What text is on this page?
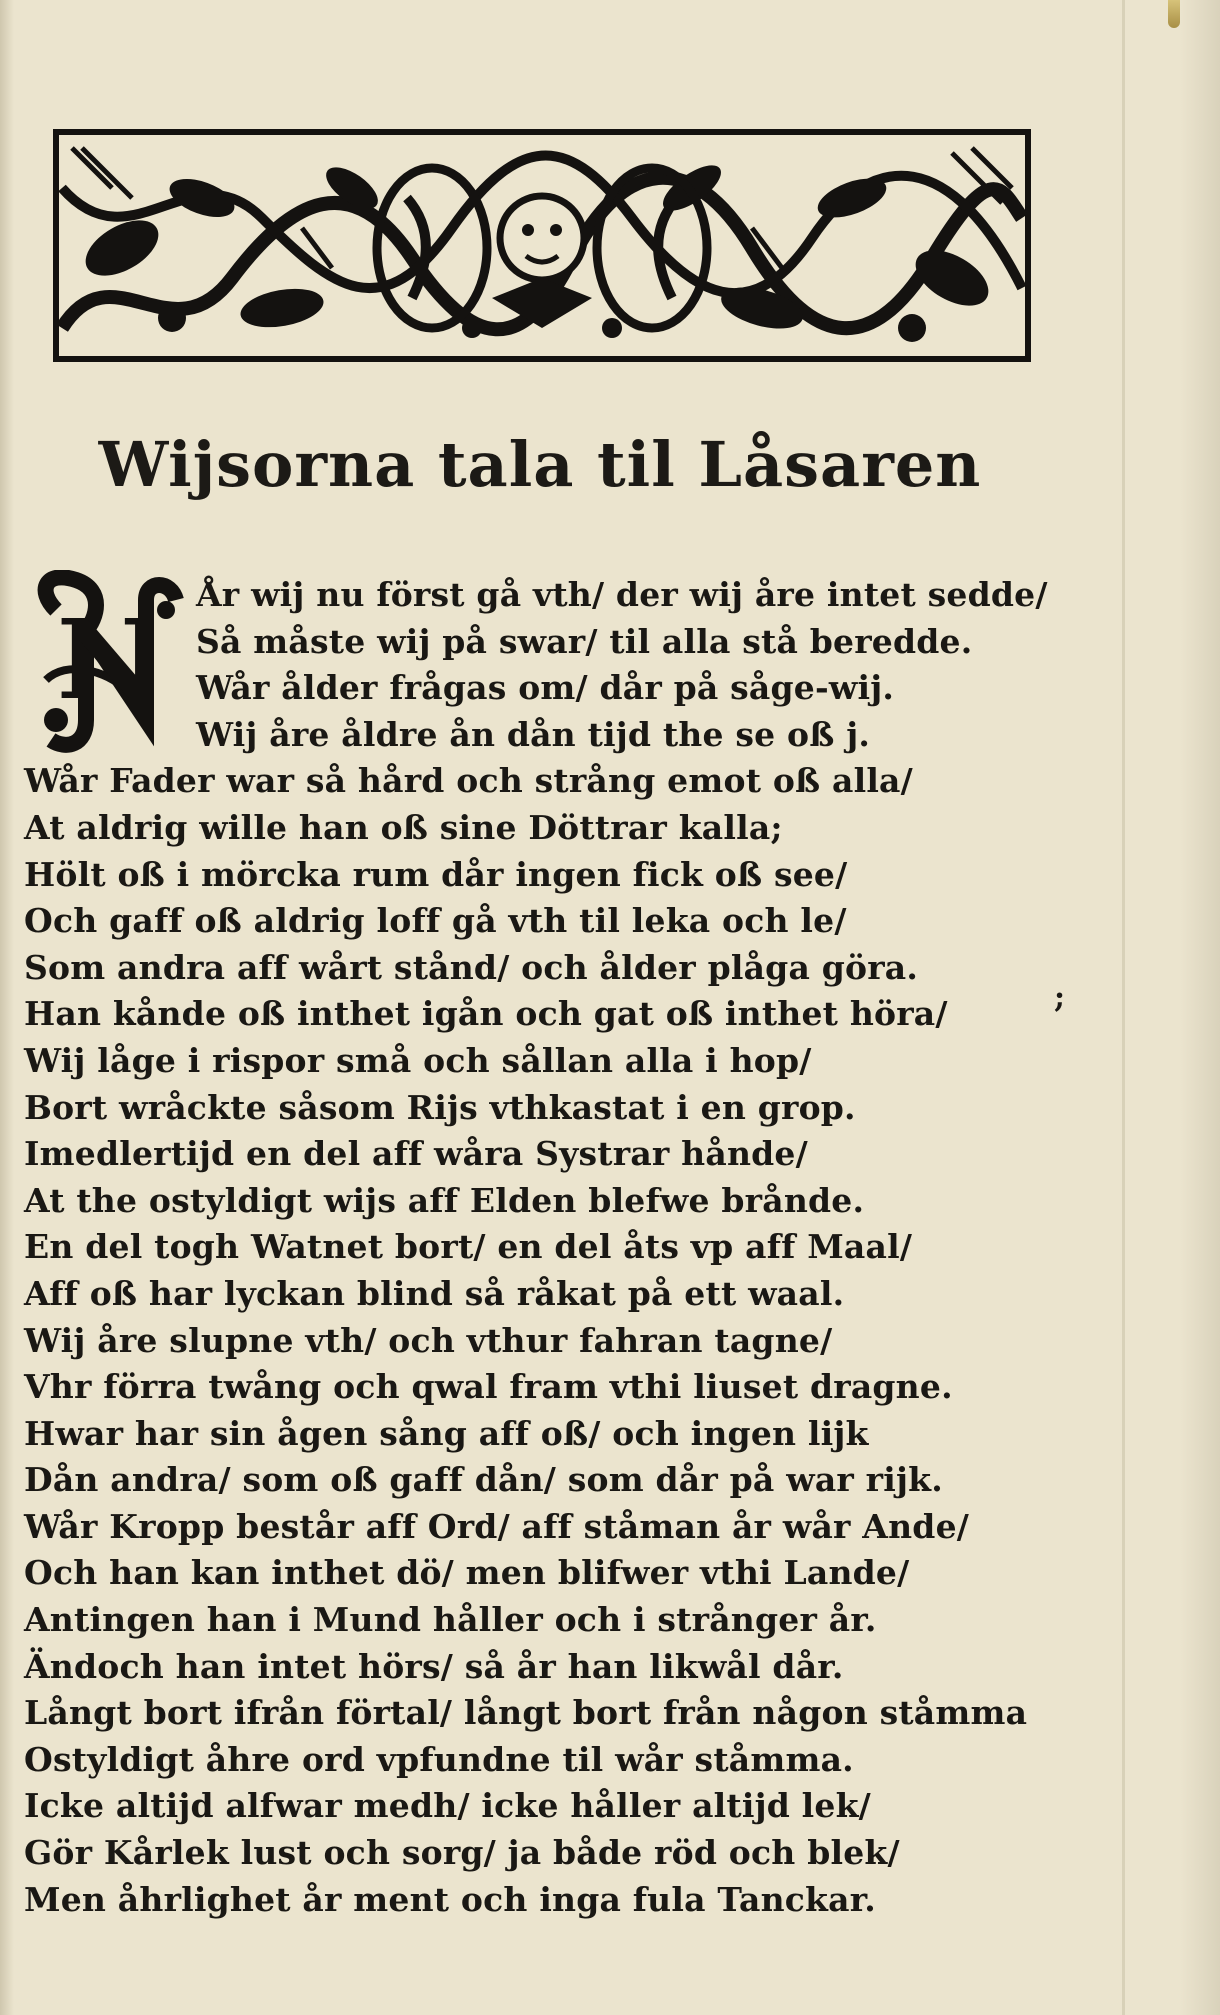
Wijsorna tala til Låsaren
N
År wij nu först gå vth/ der wij åre intet sedde/
Så måste wij på swar/ til alla stå beredde.
Wår ålder frågas om/ dår på såge-wij.
Wij åre åldre ån dån tijd the se oß j.
Wår Fader war så hård och strång emot oß alla/
At aldrig wille han oß sine Döttrar kalla;
Hölt oß i mörcka rum dår ingen fick oß see/
Och gaff oß aldrig loff gå vth til leka och le/
Som andra aff wårt stånd/ och ålder plåga göra.
Han kånde oß inthet igån och gat oß inthet höra/
Wij låge i rispor små och sållan alla i hop/
Bort wråckte såsom Rijs vthkastat i en grop.
Imedlertijd en del aff wåra Systrar hånde/
At the ostyldigt wijs aff Elden blefwe brånde.
En del togh Watnet bort/ en del åts vp aff Maal/
Aff oß har lyckan blind så råkat på ett waal.
Wij åre slupne vth/ och vthur fahran tagne/
Vhr förra twång och qwal fram vthi liuset dragne.
Hwar har sin ågen sång aff oß/ och ingen lijk
Dån andra/ som oß gaff dån/ som dår på war rijk.
Wår Kropp består aff Ord/ aff ståman år wår Ande/
Och han kan inthet dö/ men blifwer vthi Lande/
Antingen han i Mund håller och i strånger år.
Ändoch han intet hörs/ så år han likwål dår.
Långt bort ifrån förtal/ långt bort från någon ståmma
Ostyldigt åhre ord vpfundne til wår ståmma.
Icke altijd alfwar medh/ icke håller altijd lek/
Gör Kårlek lust och sorg/ ja både röd och blek/
Men åhrlighet år ment och inga fula Tanckar.
;
